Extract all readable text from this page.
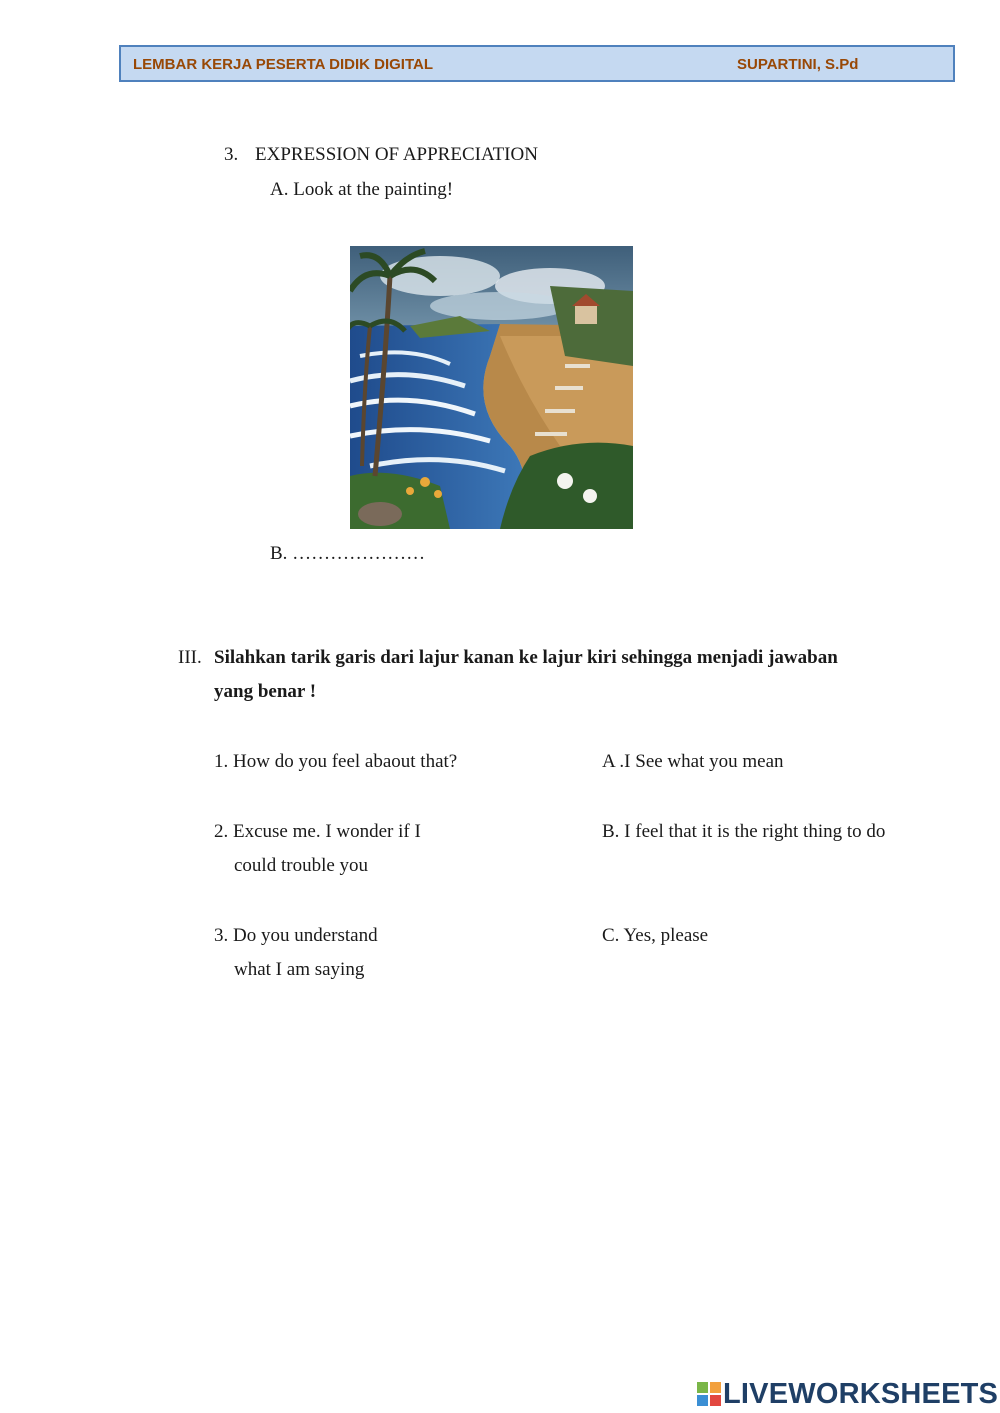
LEMBAR KERJA PESERTA DIDIK DIGITAL	SUPARTINI, S.Pd
3. EXPRESSION OF APPRECIATION
A. Look at the painting!
B. …………………
III. Silahkan tarik garis dari lajur kanan ke lajur kiri sehingga menjadi jawaban
yang benar !
1. How do you feel abaout that?	A .I See what you mean
2. Excuse me. I wonder if I
could trouble you
B. I feel that it is the right thing to do
3. Do you understand
what I am saying
C. Yes, please
LIVEWORKSHEETS
